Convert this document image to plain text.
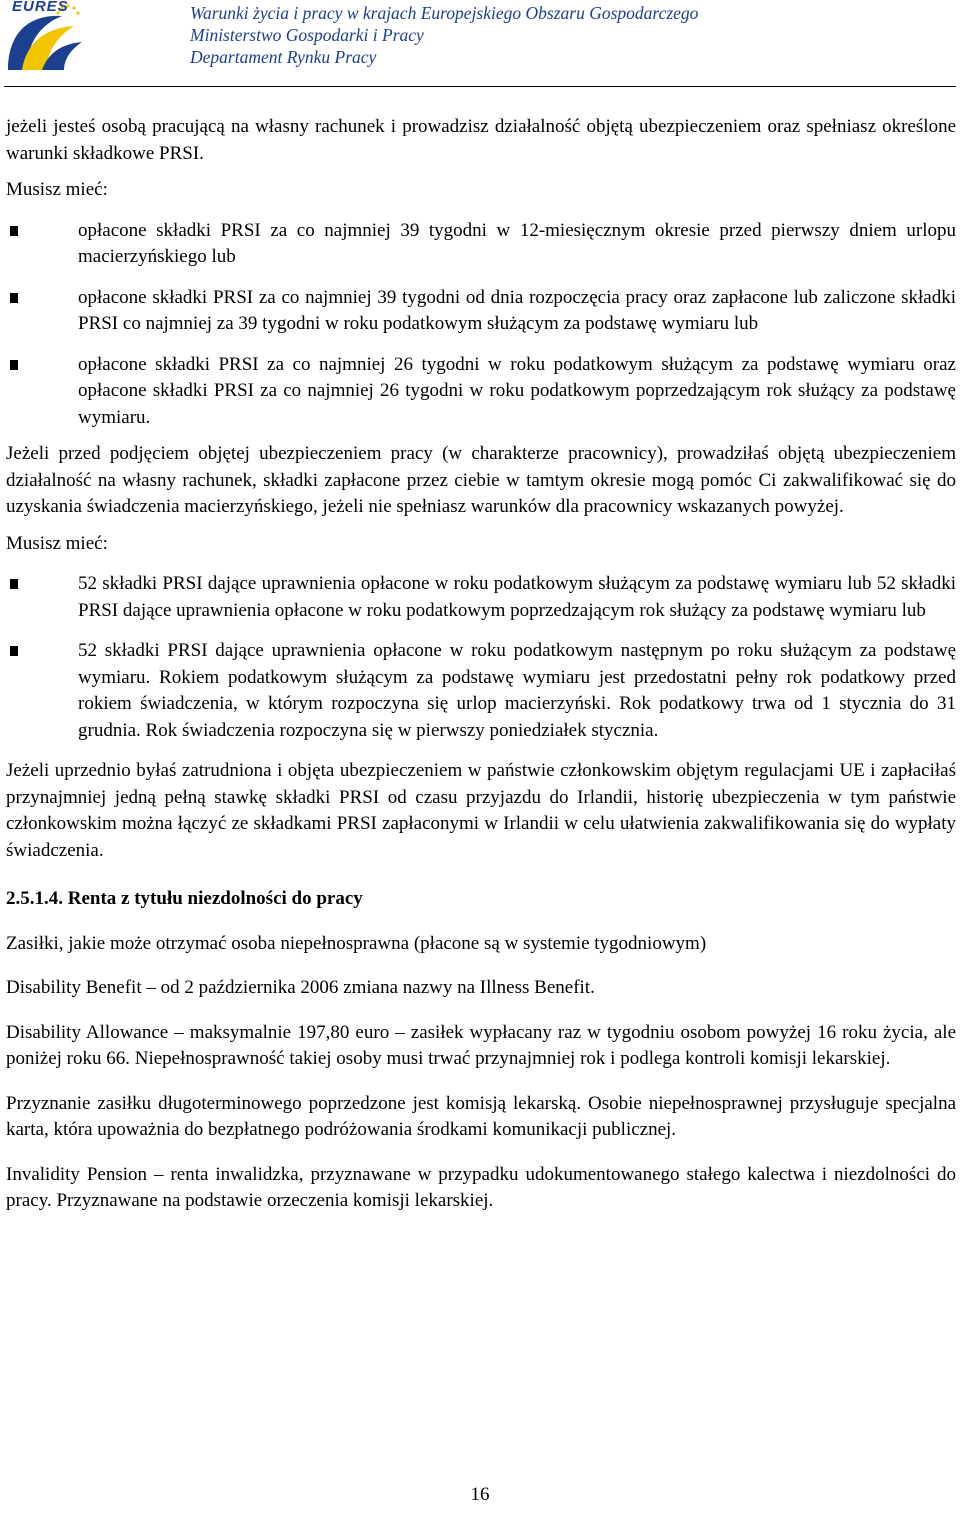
EURES	Warunki życia i pracy w krajach Europejskiego Obszaru Gospodarczego
Ministerstwo Gospodarki i Pracy
Departament Rynku Pracy

jeżeli jesteś osobą pracującą na własny rachunek i prowadzisz działalność objętą ubezpieczeniem oraz spełniasz określone warunki składkowe PRSI.

Musisz mieć:

opłacone składki PRSI za co najmniej 39 tygodni w 12-miesięcznym okresie przed pierwszy dniem urlopu macierzyńskiego lub
opłacone składki PRSI za co najmniej 39 tygodni od dnia rozpoczęcia pracy oraz zapłacone lub zaliczone składki PRSI co najmniej za 39 tygodni w roku podatkowym służącym za podstawę wymiaru lub
opłacone składki PRSI za co najmniej 26 tygodni w roku podatkowym służącym za podstawę wymiaru oraz opłacone składki PRSI za co najmniej 26 tygodni w roku podatkowym poprzedzającym rok służący za podstawę wymiaru.

Jeżeli przed podjęciem objętej ubezpieczeniem pracy (w charakterze pracownicy), prowadziłaś objętą ubezpieczeniem działalność na własny rachunek, składki zapłacone przez ciebie w tamtym okresie mogą pomóc Ci zakwalifikować się do uzyskania świadczenia macierzyńskiego, jeżeli nie spełniasz warunków dla pracownicy wskazanych powyżej.

Musisz mieć:

52 składki PRSI dające uprawnienia opłacone w roku podatkowym służącym za podstawę wymiaru lub 52 składki PRSI dające uprawnienia opłacone w roku podatkowym poprzedzającym rok służący za podstawę wymiaru lub
52 składki PRSI dające uprawnienia opłacone w roku podatkowym następnym po roku służącym za podstawę wymiaru. Rokiem podatkowym służącym za podstawę wymiaru jest przedostatni pełny rok podatkowy przed rokiem świadczenia, w którym rozpoczyna się urlop macierzyński. Rok podatkowy trwa od 1 stycznia do 31 grudnia. Rok świadczenia rozpoczyna się w pierwszy poniedziałek stycznia.

Jeżeli uprzednio byłaś zatrudniona i objęta ubezpieczeniem w państwie członkowskim objętym regulacjami UE i zapłaciłaś przynajmniej jedną pełną stawkę składki PRSI od czasu przyjazdu do Irlandii, historię ubezpieczenia w tym państwie członkowskim można łączyć ze składkami PRSI zapłaconymi w Irlandii w celu ułatwienia zakwalifikowania się do wypłaty świadczenia.

2.5.1.4. Renta z tytułu niezdolności do pracy

Zasiłki, jakie może otrzymać osoba niepełnosprawna (płacone są w systemie tygodniowym)

Disability Benefit – od 2 października 2006 zmiana nazwy na Illness Benefit.

Disability Allowance – maksymalnie 197,80 euro – zasiłek wypłacany raz w tygodniu osobom powyżej 16 roku życia, ale poniżej roku 66. Niepełnosprawność takiej osoby musi trwać przynajmniej rok i podlega kontroli komisji lekarskiej.

Przyznanie zasiłku długoterminowego poprzedzone jest komisją lekarską. Osobie niepełnosprawnej przysługuje specjalna karta, która upoważnia do bezpłatnego podróżowania środkami komunikacji publicznej.

Invalidity Pension – renta inwalidzka, przyznawane w przypadku udokumentowanego stałego kalectwa i niezdolności do pracy. Przyznawane na podstawie orzeczenia komisji lekarskiej.

16
